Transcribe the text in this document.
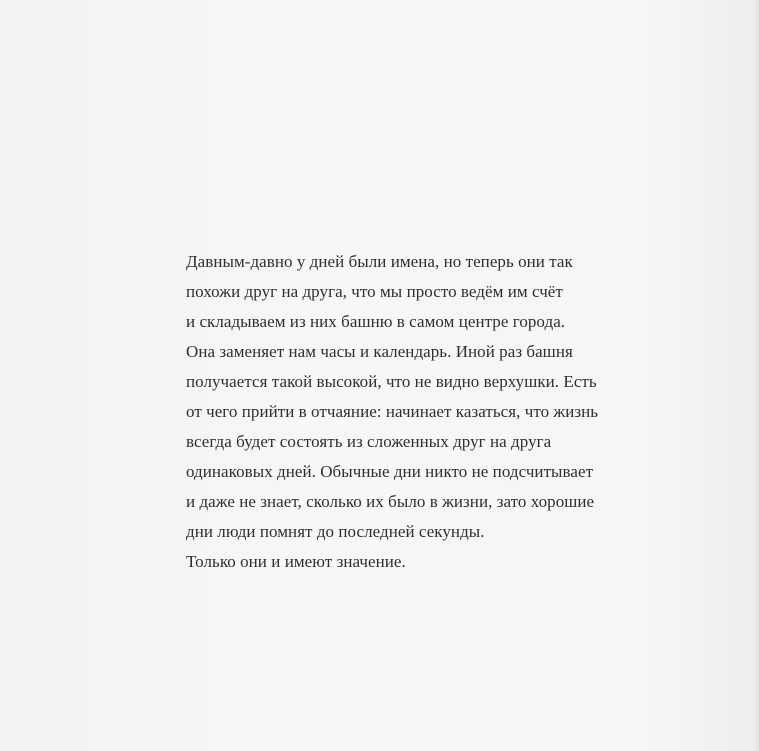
Давным-давно у дней были имена, но теперь они так
похожи друг на друга, что мы просто ведём им счёт
и складываем из них башню в самом центре города.
Она заменяет нам часы и календарь. Иной раз башня
получается такой высокой, что не видно верхушки. Есть
от чего прийти в отчаяние: начинает казаться, что жизнь
всегда будет состоять из сложенных друг на друга
одинаковых дней. Обычные дни никто не подсчитывает
и даже не знает, сколько их было в жизни, зато хорошие
дни люди помнят до последней секунды.
Только они и имеют значение.
